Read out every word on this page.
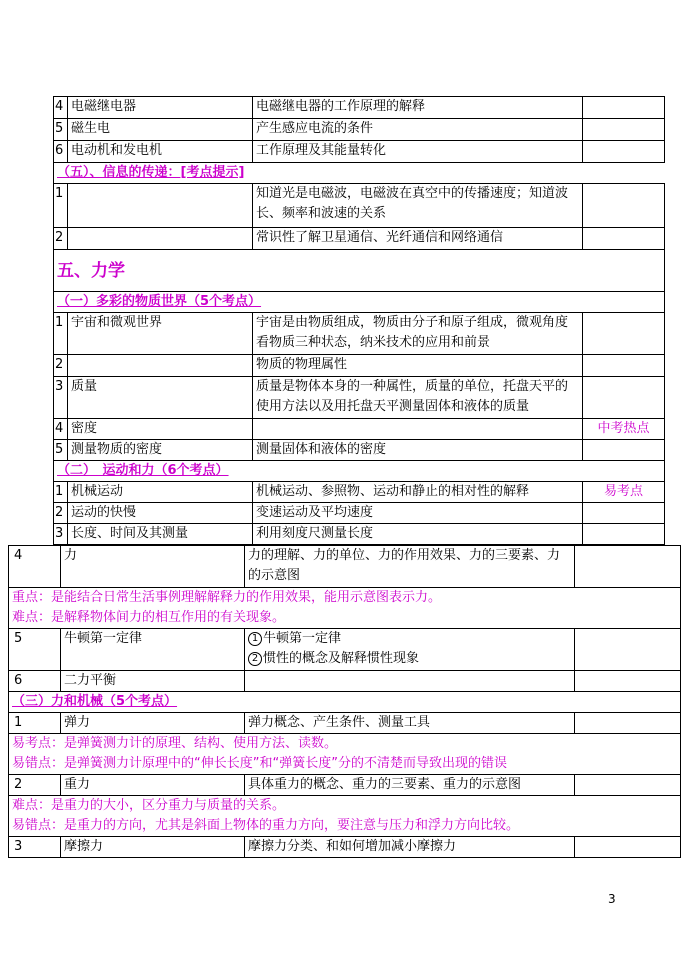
4	电磁继电器	电磁继电器的工作原理的解释	
5	磁生电	产生感应电流的条件	
6	电动机和发电机	工作原理及其能量转化	
（五）、信息的传递：[考点提示]			
1		知道光是电磁波，电磁波在真空中的传播速度；知道波长、频率和波速的关系	
2		常识性了解卫星通信、光纤通信和网络通信	
五、力学			
（一）多彩的物质世界（5个考点）			
1	宇宙和微观世界	宇宙是由物质组成，物质由分子和原子组成，微观角度看物质三种状态，纳米技术的应用和前景	
2		物质的物理属性	
3	质量	质量是物体本身的一种属性，质量的单位，托盘天平的使用方法以及用托盘天平测量固体和液体的质量	
4	密度		中考热点
5	测量物质的密度	测量固体和液体的密度	
（二）　运动和力（6个考点）			
1	机械运动	机械运动、参照物、运动和静止的相对性的解释	易考点
2	运动的快慢	变速运动及平均速度	
3	长度、时间及其测量	利用刻度尺测量长度	
4	力	力的理解、力的单位、力的作用效果、力的三要素、力的示意图	

重点：是能结合日常生活事例理解解释力的作用效果，能用示意图表示力。
难点：是解释物体间力的相互作用的有关现象。			

5	牛顿第一定律	1 牛顿第一定律
2 惯性的概念及解释惯性现象	

6	二力平衡		
（三）力和机械（5个考点）			
1	弹力	弹力概念、产生条件、测量工具	

易考点：是弹簧测力计的原理、结构、使用方法、读数。
易错点：是弹簧测力计原理中的“伸长长度”和“弹簧长度”分的不清楚而导致出现的错误			

2	重力	具体重力的概念、重力的三要素、重力的示意图	

难点：是重力的大小，区分重力与质量的关系。
易错点：是重力的方向，尤其是斜面上物体的重力方向，要注意与压力和浮力方向比较。			

3	摩擦力	摩擦力分类、和如何增加减小摩擦力	
3
